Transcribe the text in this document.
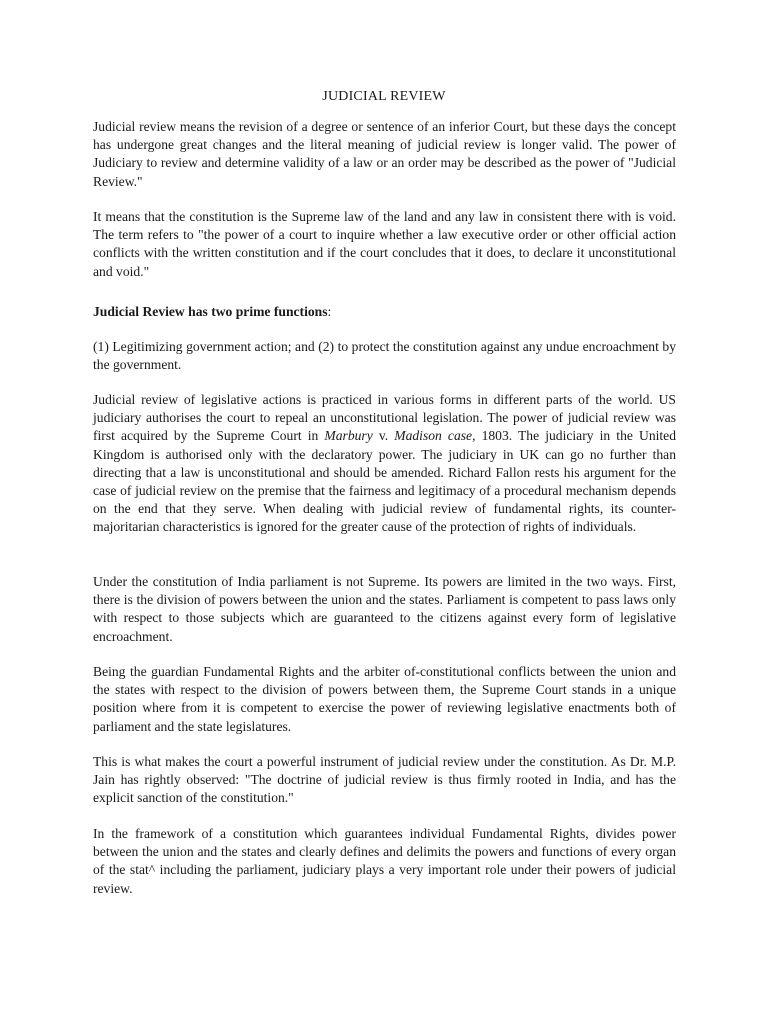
JUDICIAL REVIEW

Judicial review means the revision of a degree or sentence of an inferior Court, but these days the concept has undergone great changes and the literal meaning of judicial review is longer valid. The power of Judiciary to review and determine validity of a law or an order may be described as the power of "Judicial Review."

It means that the constitution is the Supreme law of the land and any law in consistent there with is void. The term refers to "the power of a court to inquire whether a law executive order or other official action conflicts with the written constitution and if the court concludes that it does, to declare it unconstitutional and void."

Judicial Review has two prime functions:

(1) Legitimizing government action; and (2) to protect the constitution against any undue encroachment by the government.

Judicial review of legislative actions is practiced in various forms in different parts of the world. US judiciary authorises the court to repeal an unconstitutional legislation. The power of judicial review was first acquired by the Supreme Court in Marbury v. Madison case, 1803. The judiciary in the United Kingdom is authorised only with the declaratory power. The judiciary in UK can go no further than directing that a law is unconstitutional and should be amended. Richard Fallon rests his argument for the case of judicial review on the premise that the fairness and legitimacy of a procedural mechanism depends on the end that they serve. When dealing with judicial review of fundamental rights, its counter-majoritarian characteristics is ignored for the greater cause of the protection of rights of individuals.

Under the constitution of India parliament is not Supreme. Its powers are limited in the two ways. First, there is the division of powers between the union and the states. Parliament is competent to pass laws only with respect to those subjects which are guaranteed to the citizens against every form of legislative encroachment.

Being the guardian Fundamental Rights and the arbiter of-constitutional conflicts between the union and the states with respect to the division of powers between them, the Supreme Court stands in a unique position where from it is competent to exercise the power of reviewing legislative enactments both of parliament and the state legislatures.

This is what makes the court a powerful instrument of judicial review under the constitution. As Dr. M.P. Jain has rightly observed: "The doctrine of judicial review is thus firmly rooted in India, and has the explicit sanction of the constitution."

In the framework of a constitution which guarantees individual Fundamental Rights, divides power between the union and the states and clearly defines and delimits the powers and functions of every organ of the stat^ including the parliament, judiciary plays a very important role under their powers of judicial review.
